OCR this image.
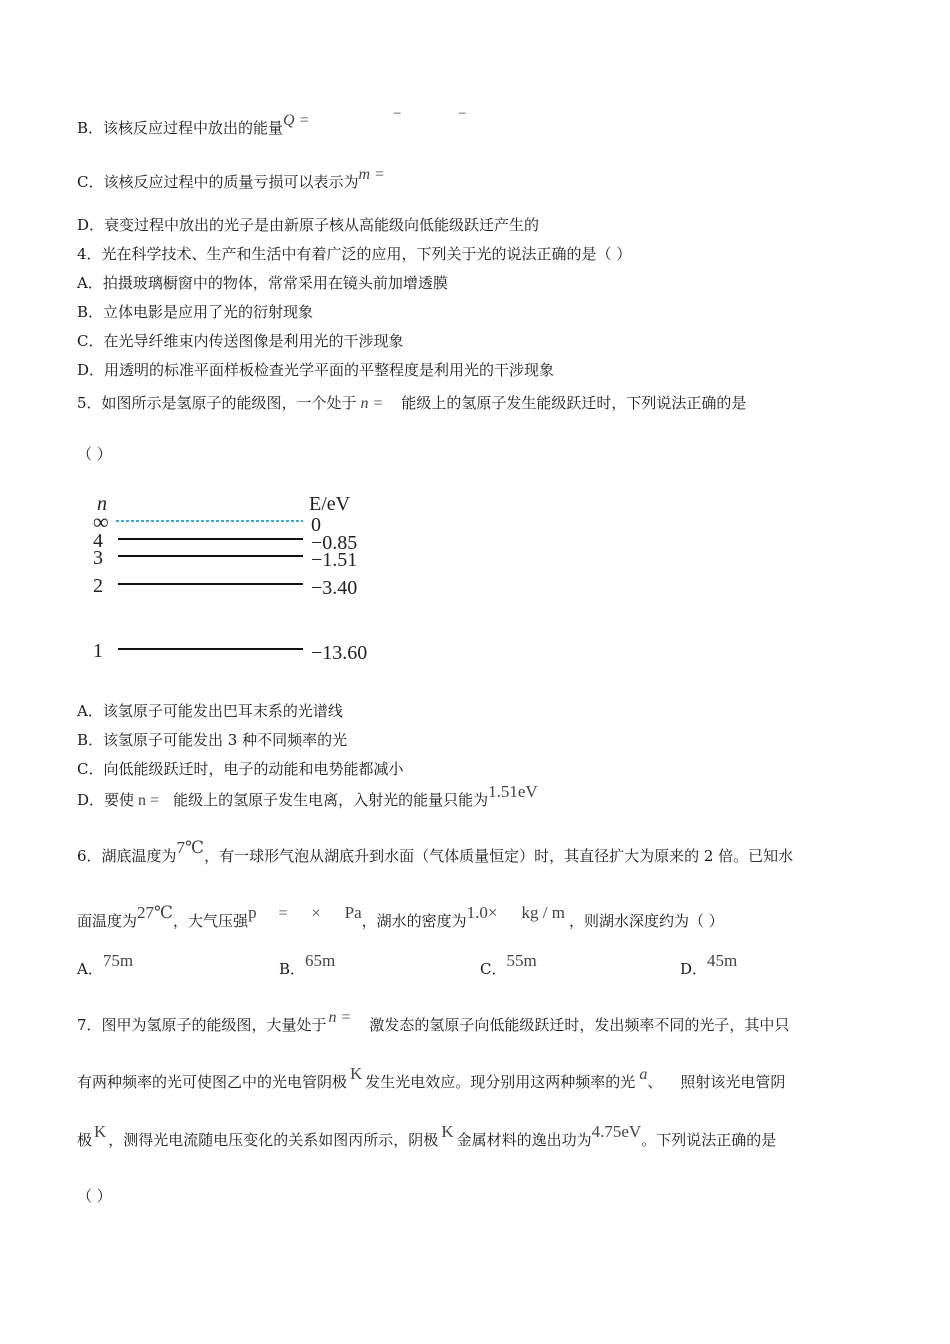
B．该核反应过程中放出的能量Q =	−	−
C．该核反应过程中的质量亏损可以表示为m =
D．衰变过程中放出的光子是由新原子核从高能级向低能级跃迁产生的
4．光在科学技术、生产和生活中有着广泛的应用，下列关于光的说法正确的是（ ）
A．拍摄玻璃橱窗中的物体，常常采用在镜头前加增透膜
B．立体电影是应用了光的衍射现象
C．在光导纤维束内传送图像是利用光的干涉现象
D．用透明的标准平面样板检查光学平面的平整程度是利用光的干涉现象
5．如图所示是氢原子的能级图，一个处于 n = 能级上的氢原子发生能级跃迁时，下列说法正确的是
（ ）
n	E/eV
∞	0
4	−0.85
3	−1.51
2	−3.40
1	−13.60
A．该氢原子可能发出巴耳末系的光谱线
B．该氢原子可能发出 3 种不同频率的光
C．向低能级跃迁时，电子的动能和电势能都减小
D．要使 n = 能级上的氢原子发生电离，入射光的能量只能为1.51eV
6．湖底温度为7℃，有一球形气泡从湖底升到水面（气体质量恒定）时，其直径扩大为原来的 2 倍。已知水
面温度为27℃，大气压强p = × Pa，湖水的密度为1.0× kg / m ，则湖水深度约为（ ）
A．75m	B．65m	C．55m	D．45m
7．图甲为氢原子的能级图，大量处于 n = 激发态的氢原子向低能级跃迁时，发出频率不同的光子，其中只
有两种频率的光可使图乙中的光电管阴极 K 发生光电效应。现分别用这两种频率的光 a、 照射该光电管阴
极 K ，测得光电流随电压变化的关系如图丙所示，阴极 K 金属材料的逸出功为4.75eV。下列说法正确的是
（ ）
